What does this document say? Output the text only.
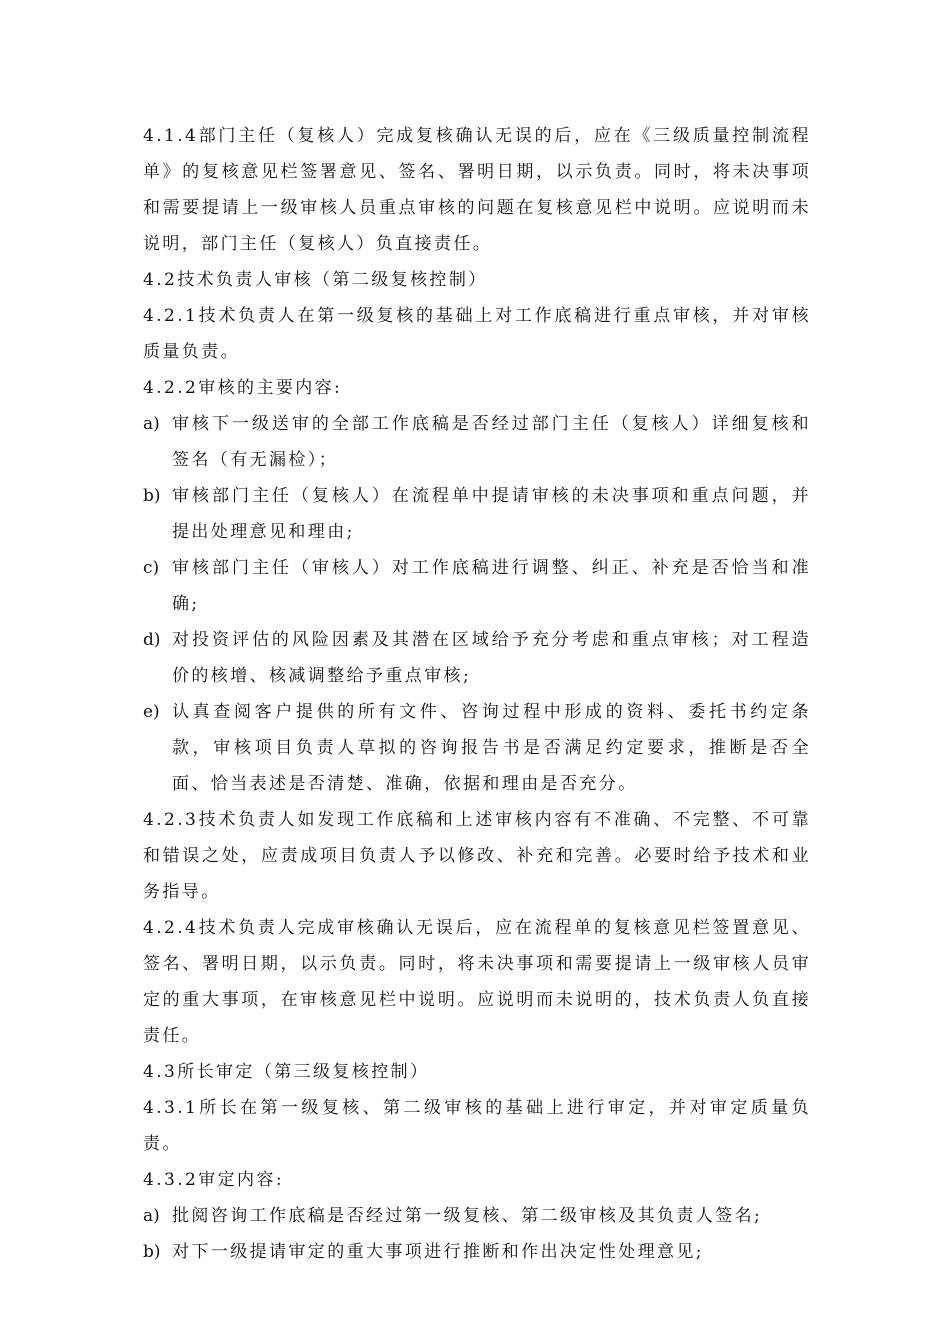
4.1.4部门主任（复核人）完成复核确认无误的后，应在《三级质量控制流程单》的复核意见栏签署意见、签名、署明日期，以示负责。同时，将未决事项和需要提请上一级审核人员重点审核的问题在复核意见栏中说明。应说明而未说明，部门主任（复核人）负直接责任。

4.2技术负责人审核（第二级复核控制）

4.2.1技术负责人在第一级复核的基础上对工作底稿进行重点审核，并对审核质量负责。

4.2.2审核的主要内容:

a) 审核下一级送审的全部工作底稿是否经过部门主任（复核人）详细复核和签名（有无漏检）；
b) 审核部门主任（复核人）在流程单中提请审核的未决事项和重点问题，并提出处理意见和理由;
c) 审核部门主任（审核人）对工作底稿进行调整、纠正、补充是否恰当和准确;
d) 对投资评估的风险因素及其潜在区域给予充分考虑和重点审核；对工程造价的核增、核减调整给予重点审核;
e) 认真查阅客户提供的所有文件、咨询过程中形成的资料、委托书约定条款，审核项目负责人草拟的咨询报告书是否满足约定要求，推断是否全面、恰当表述是否清楚、准确，依据和理由是否充分。

4.2.3技术负责人如发现工作底稿和上述审核内容有不准确、不完整、不可靠和错误之处，应责成项目负责人予以修改、补充和完善。必要时给予技术和业务指导。

4.2.4技术负责人完成审核确认无误后，应在流程单的复核意见栏签置意见、签名、署明日期，以示负责。同时，将未决事项和需要提请上一级审核人员审定的重大事项，在审核意见栏中说明。应说明而未说明的，技术负责人负直接责任。

4.3所长审定（第三级复核控制）

4.3.1所长在第一级复核、第二级审核的基础上进行审定，并对审定质量负责。

4.3.2审定内容:

a) 批阅咨询工作底稿是否经过第一级复核、第二级审核及其负责人签名;
b) 对下一级提请审定的重大事项进行推断和作出决定性处理意见;
